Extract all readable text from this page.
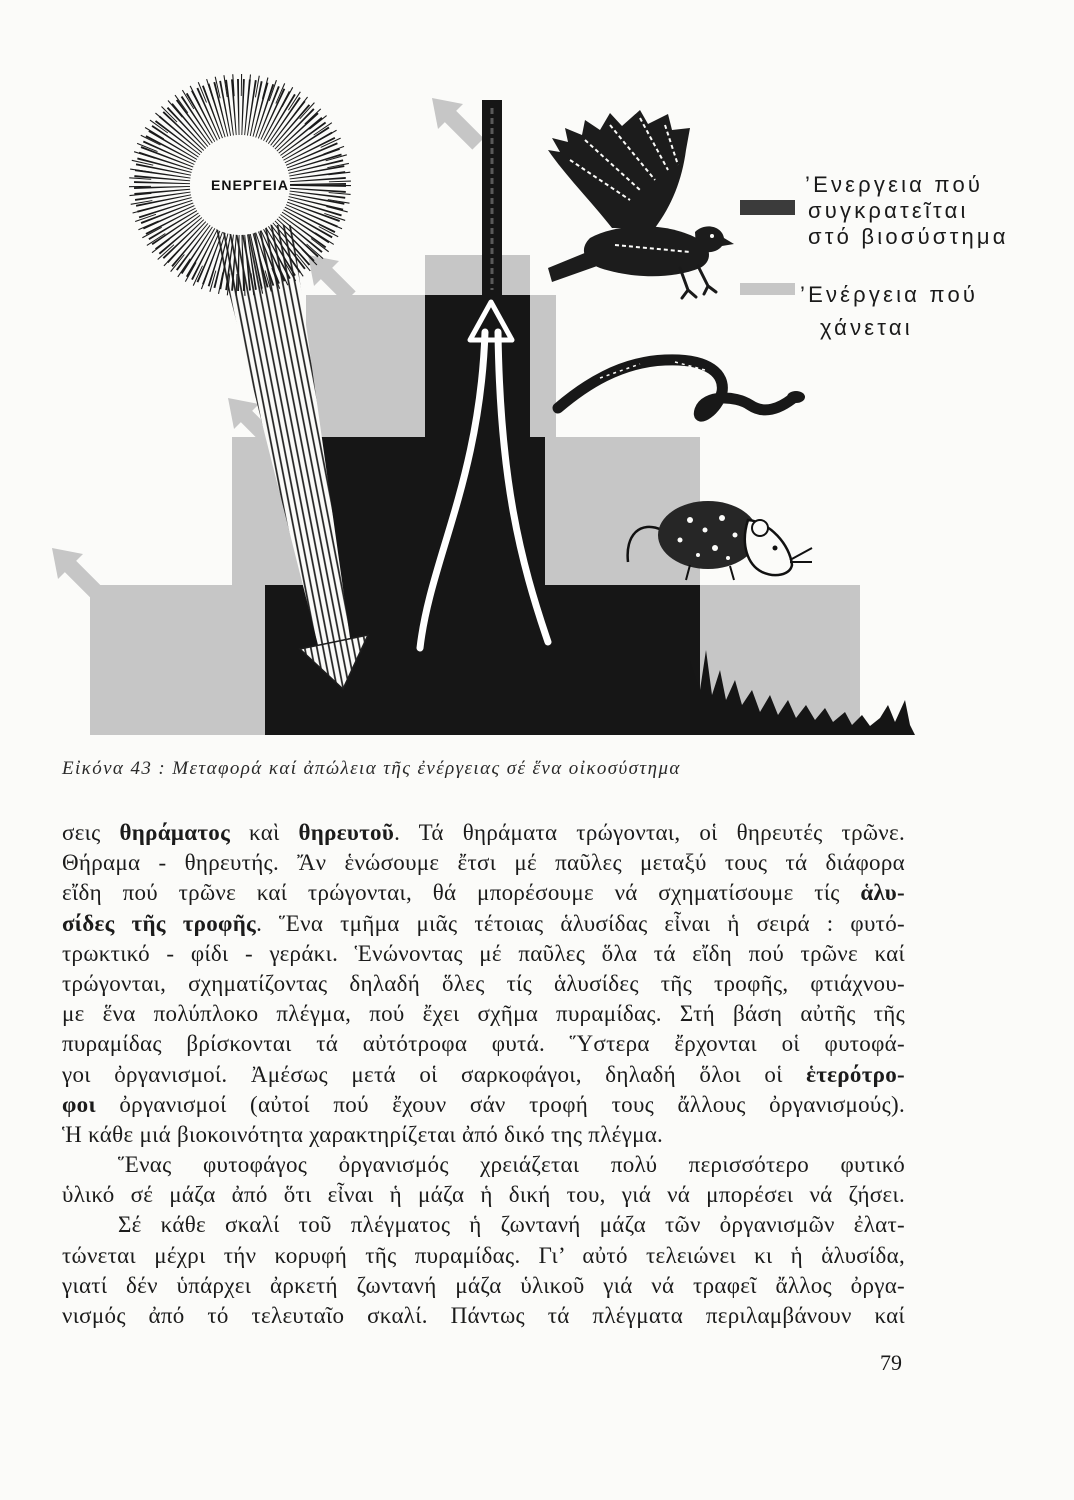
ΕΝΕΡΓΕΙΑ	’Ενεργεια πού
συγκρατεῖται
στό βιοσύστημα
’Ενέργεια πού
χάνεται
Εἰκόνα 43 : Μεταφορά καί ἀπώλεια τῆς ἐνέργειας σέ ἕνα οἰκοσύστημα
σεις θηράματος καὶ θηρευτοῦ. Τά θηράματα τρώγονται, οἱ θηρευτές τρῶνε.
Θήραμα - θηρευτής. Ἄν ἑνώσουμε ἔτσι μέ παῦλες μεταξύ τους τά διάφορα
εἴδη πού τρῶνε καί τρώγονται, θά μπορέσουμε νά σχηματίσουμε τίς ἁλυ-
σίδες τῆς τροφῆς. Ἕνα τμῆμα μιᾶς τέτοιας ἁλυσίδας εἶναι ἡ σειρά : φυτό-
τρωκτικό - φίδι - γεράκι. Ἑνώνοντας μέ παῦλες ὅλα τά εἴδη πού τρῶνε καί
τρώγονται, σχηματίζοντας δηλαδή ὅλες τίς ἁλυσίδες τῆς τροφῆς, φτιάχνου-
με ἕνα πολύπλοκο πλέγμα, πού ἔχει σχῆμα πυραμίδας. Στή βάση αὐτῆς τῆς
πυραμίδας βρίσκονται τά αὐτότροφα φυτά. Ὕστερα ἔρχονται οἱ φυτοφά-
γοι ὀργανισμοί. Ἀμέσως μετά οἱ σαρκοφάγοι, δηλαδή ὅλοι οἱ ἑτερότρο-
φοι ὀργανισμοί (αὐτοί πού ἔχουν σάν τροφή τους ἄλλους ὀργανισμούς).
Ἡ κάθε μιά βιοκοινότητα χαρακτηρίζεται ἀπό δικό της πλέγμα.
Ἕνας φυτοφάγος ὀργανισμός χρειάζεται πολύ περισσότερο φυτικό
ὑλικό σέ μάζα ἀπό ὅτι εἶναι ἡ μάζα ἡ δική του, γιά νά μπορέσει νά ζήσει.
Σέ κάθε σκαλί τοῦ πλέγματος ἡ ζωντανή μάζα τῶν ὀργανισμῶν ἐλατ-
τώνεται μέχρι τήν κορυφή τῆς πυραμίδας. Γι’ αὐτό τελειώνει κι ἡ ἁλυσίδα,
γιατί δέν ὑπάρχει ἀρκετή ζωντανή μάζα ὑλικοῦ γιά νά τραφεῖ ἄλλος ὀργα-
νισμός ἀπό τό τελευταῖο σκαλί. Πάντως τά πλέγματα περιλαμβάνουν καί
79
